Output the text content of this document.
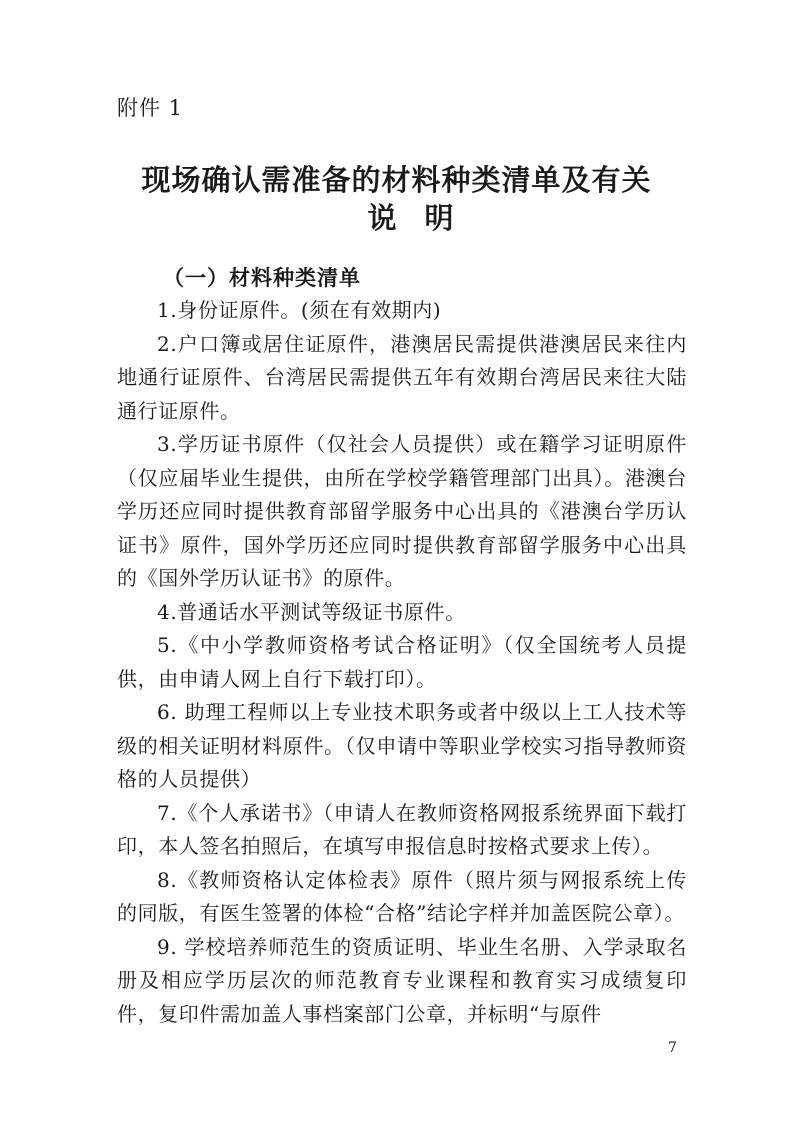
附件 1
现场确认需准备的材料种类清单及有关
说明
（一）材料种类清单

1.身份证原件。(须在有效期内)

2.户口簿或居住证原件，港澳居民需提供港澳居民来往内地通行证原件、台湾居民需提供五年有效期台湾居民来往大陆通行证原件。

3.学历证书原件（仅社会人员提供）或在籍学习证明原件（仅应届毕业生提供，由所在学校学籍管理部门出具）。港澳台学历还应同时提供教育部留学服务中心出具的《港澳台学历认证书》原件，国外学历还应同时提供教育部留学服务中心出具的《国外学历认证书》的原件。

4.普通话水平测试等级证书原件。

5.《中小学教师资格考试合格证明》（仅全国统考人员提供，由申请人网上自行下载打印）。

6. 助理工程师以上专业技术职务或者中级以上工人技术等级的相关证明材料原件。（仅申请中等职业学校实习指导教师资格的人员提供）

7.《个人承诺书》（申请人在教师资格网报系统界面下载打印，本人签名拍照后，在填写申报信息时按格式要求上传）。

8.《教师资格认定体检表》原件（照片须与网报系统上传的同版，有医生签署的体检“合格”结论字样并加盖医院公章）。

9. 学校培养师范生的资质证明、毕业生名册、入学录取名册及相应学历层次的师范教育专业课程和教育实习成绩复印件，复印件需加盖人事档案部门公章，并标明“与原件

7
